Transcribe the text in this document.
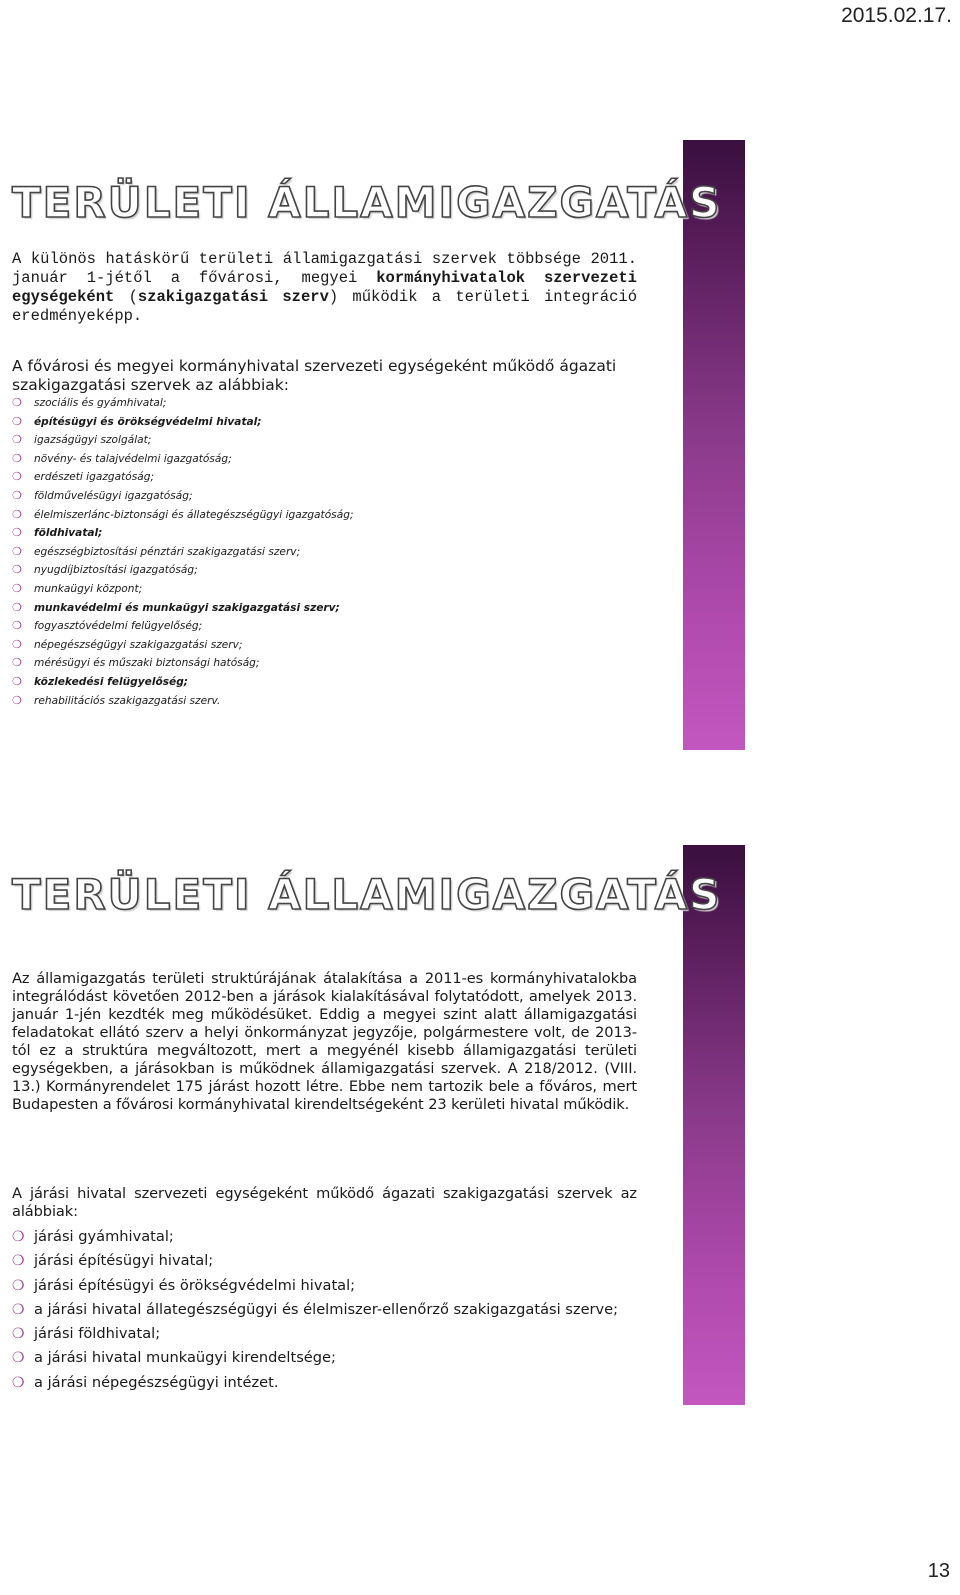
2015.02.17.
TERÜLETI ÁLLAMIGAZGATÁS

A különös hatáskörű területi államigazgatási szervek többsége 2011. január 1-jétől a fővárosi, megyei kormányhivatalok szervezeti egységeként (szakigazgatási szerv) működik a területi integráció eredményeképp.

A fővárosi és megyei kormányhivatal szervezeti egységeként működő ágazati szakigazgatási szervek az alábbiak:

❍ szociális és gyámhivatal;
❍ építésügyi és örökségvédelmi hivatal;
❍ igazságügyi szolgálat;
❍ növény- és talajvédelmi igazgatóság;
❍ erdészeti igazgatóság;
❍ földművelésügyi igazgatóság;
❍ élelmiszerlánc-biztonsági és állategészségügyi igazgatóság;
❍ földhivatal;
❍ egészségbiztosítási pénztári szakigazgatási szerv;
❍ nyugdíjbiztosítási igazgatóság;
❍ munkaügyi központ;
❍ munkavédelmi és munkaügyi szakigazgatási szerv;
❍ fogyasztóvédelmi felügyelőség;
❍ népegészségügyi szakigazgatási szerv;
❍ mérésügyi és műszaki biztonsági hatóság;
❍ közlekedési felügyelőség;
❍ rehabilitációs szakigazgatási szerv.
TERÜLETI ÁLLAMIGAZGATÁS

Az államigazgatás területi struktúrájának átalakítása a 2011-es kormányhivatalokba integrálódást követően 2012-ben a járások kialakításával folytatódott, amelyek 2013. január 1-jén kezdték meg működésüket. Eddig a megyei szint alatt államigazgatási feladatokat ellátó szerv a helyi önkormányzat jegyzője, polgármestere volt, de 2013-tól ez a struktúra megváltozott, mert a megyénél kisebb államigazgatási területi egységekben, a járásokban is működnek államigazgatási szervek. A 218/2012. (VIII. 13.) Kormányrendelet 175 járást hozott létre. Ebbe nem tartozik bele a főváros, mert Budapesten a fővárosi kormányhivatal kirendeltségeként 23 kerületi hivatal működik.

A járási hivatal szervezeti egységeként működő ágazati szakigazgatási szervek az alábbiak:

❍ járási gyámhivatal;
❍ járási építésügyi hivatal;
❍ járási építésügyi és örökségvédelmi hivatal;
❍ a járási hivatal állategészségügyi és élelmiszer-ellenőrző szakigazgatási szerve;
❍ járási földhivatal;
❍ a járási hivatal munkaügyi kirendeltsége;
❍ a járási népegészségügyi intézet.
13
